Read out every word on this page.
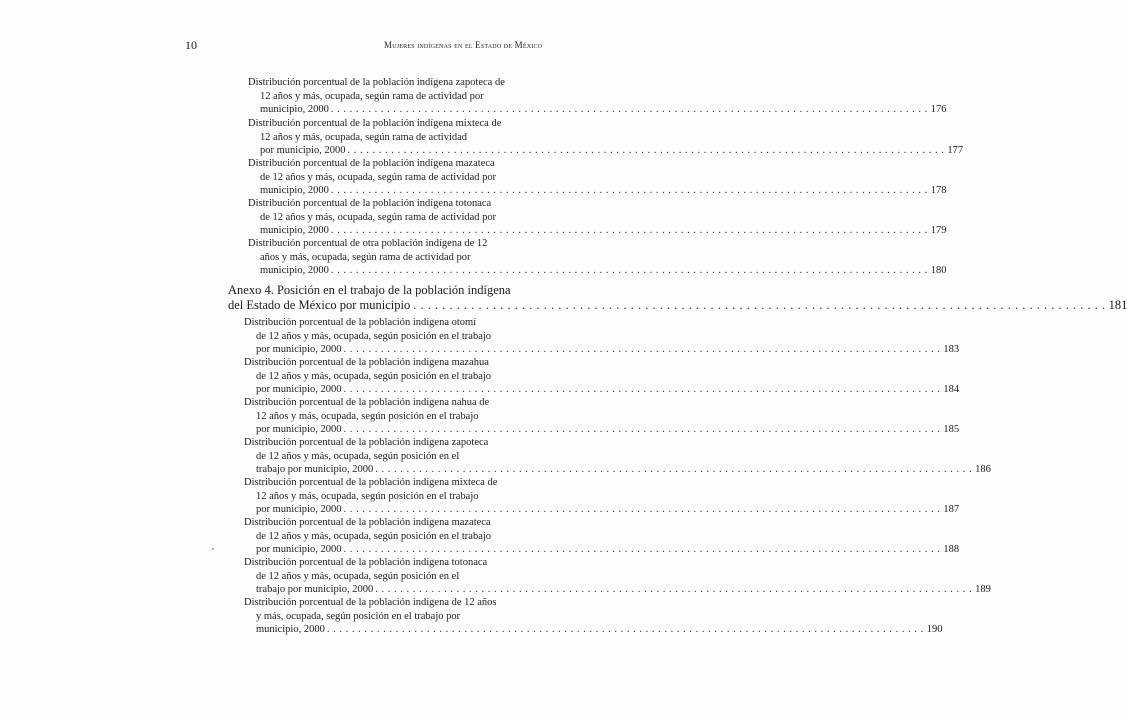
10	Mujeres indígenas en el Estado de México
Distribución porcentual de la población indígena zapoteca de
12 años y más, ocupada, según rama de actividad por
municipio, 2000 . . . . . . . . . . . . . . . . . . . . . . . . . . . . . . . . . . . . . . . . . . . . . . . . . . . . . . . . . . . . . . . . . . . . . . . . . . . . . . . . . . . . . . . . . . . . . . . . 176
Distribución porcentual de la población indígena mixteca de
12 años y más, ocupada, según rama de actividad
por municipio, 2000 . . . . . . . . . . . . . . . . . . . . . . . . . . . . . . . . . . . . . . . . . . . . . . . . . . . . . . . . . . . . . . . . . . . . . . . . . . . . . . . . . . . . . . . . . . . . . . . . 177
Distribución porcentual de la población indígena mazateca
de 12 años y más, ocupada, según rama de actividad por
municipio, 2000 . . . . . . . . . . . . . . . . . . . . . . . . . . . . . . . . . . . . . . . . . . . . . . . . . . . . . . . . . . . . . . . . . . . . . . . . . . . . . . . . . . . . . . . . . . . . . . . . 178
Distribución porcentual de la población indígena totonaca
de 12 años y más, ocupada, según rama de actividad por
municipio, 2000 . . . . . . . . . . . . . . . . . . . . . . . . . . . . . . . . . . . . . . . . . . . . . . . . . . . . . . . . . . . . . . . . . . . . . . . . . . . . . . . . . . . . . . . . . . . . . . . . 179
Distribución porcentual de otra población indígena de 12
años y más, ocupada, según rama de actividad por
municipio, 2000 . . . . . . . . . . . . . . . . . . . . . . . . . . . . . . . . . . . . . . . . . . . . . . . . . . . . . . . . . . . . . . . . . . . . . . . . . . . . . . . . . . . . . . . . . . . . . . . . 180
Anexo 4. Posición en el trabajo de la población indígena
del Estado de México por municipio . . . . . . . . . . . . . . . . . . . . . . . . . . . . . . . . . . . . . . . . . . . . . . . . . . . . . . . . . . . . . . . . . . . . . . . . . . . . . . . . . . . . . . . . . . . . . . . . 181
Distribución porcentual de la población indígena otomí
de 12 años y más, ocupada, según posición en el trabajo
por municipio, 2000 . . . . . . . . . . . . . . . . . . . . . . . . . . . . . . . . . . . . . . . . . . . . . . . . . . . . . . . . . . . . . . . . . . . . . . . . . . . . . . . . . . . . . . . . . . . . . . . . 183
Distribución porcentual de la población indígena mazahua
de 12 años y más, ocupada, según posición en el trabajo
por municipio, 2000 . . . . . . . . . . . . . . . . . . . . . . . . . . . . . . . . . . . . . . . . . . . . . . . . . . . . . . . . . . . . . . . . . . . . . . . . . . . . . . . . . . . . . . . . . . . . . . . . 184
Distribución porcentual de la población indígena nahua de
12 años y más, ocupada, según posición en el trabajo
por municipio, 2000 . . . . . . . . . . . . . . . . . . . . . . . . . . . . . . . . . . . . . . . . . . . . . . . . . . . . . . . . . . . . . . . . . . . . . . . . . . . . . . . . . . . . . . . . . . . . . . . . 185
Distribución porcentual de la población indígena zapoteca
de 12 años y más, ocupada, según posición en el
trabajo por municipio, 2000 . . . . . . . . . . . . . . . . . . . . . . . . . . . . . . . . . . . . . . . . . . . . . . . . . . . . . . . . . . . . . . . . . . . . . . . . . . . . . . . . . . . . . . . . . . . . . . . . 186
Distribución porcentual de la población indígena mixteca de
12 años y más, ocupada, según posición en el trabajo
por municipio, 2000 . . . . . . . . . . . . . . . . . . . . . . . . . . . . . . . . . . . . . . . . . . . . . . . . . . . . . . . . . . . . . . . . . . . . . . . . . . . . . . . . . . . . . . . . . . . . . . . . 187
Distribución porcentual de la población indígena mazateca
de 12 años y más, ocupada, según posición en el trabajo
por municipio, 2000 . . . . . . . . . . . . . . . . . . . . . . . . . . . . . . . . . . . . . . . . . . . . . . . . . . . . . . . . . . . . . . . . . . . . . . . . . . . . . . . . . . . . . . . . . . . . . . . . 188
Distribución porcentual de la población indígena totonaca
de 12 años y más, ocupada, según posición en el
trabajo por municipio, 2000 . . . . . . . . . . . . . . . . . . . . . . . . . . . . . . . . . . . . . . . . . . . . . . . . . . . . . . . . . . . . . . . . . . . . . . . . . . . . . . . . . . . . . . . . . . . . . . . . 189
Distribución porcentual de la población indígena de 12 años
y más, ocupada, según posición en el trabajo por
municipio, 2000 . . . . . . . . . . . . . . . . . . . . . . . . . . . . . . . . . . . . . . . . . . . . . . . . . . . . . . . . . . . . . . . . . . . . . . . . . . . . . . . . . . . . . . . . . . . . . . . . 190
